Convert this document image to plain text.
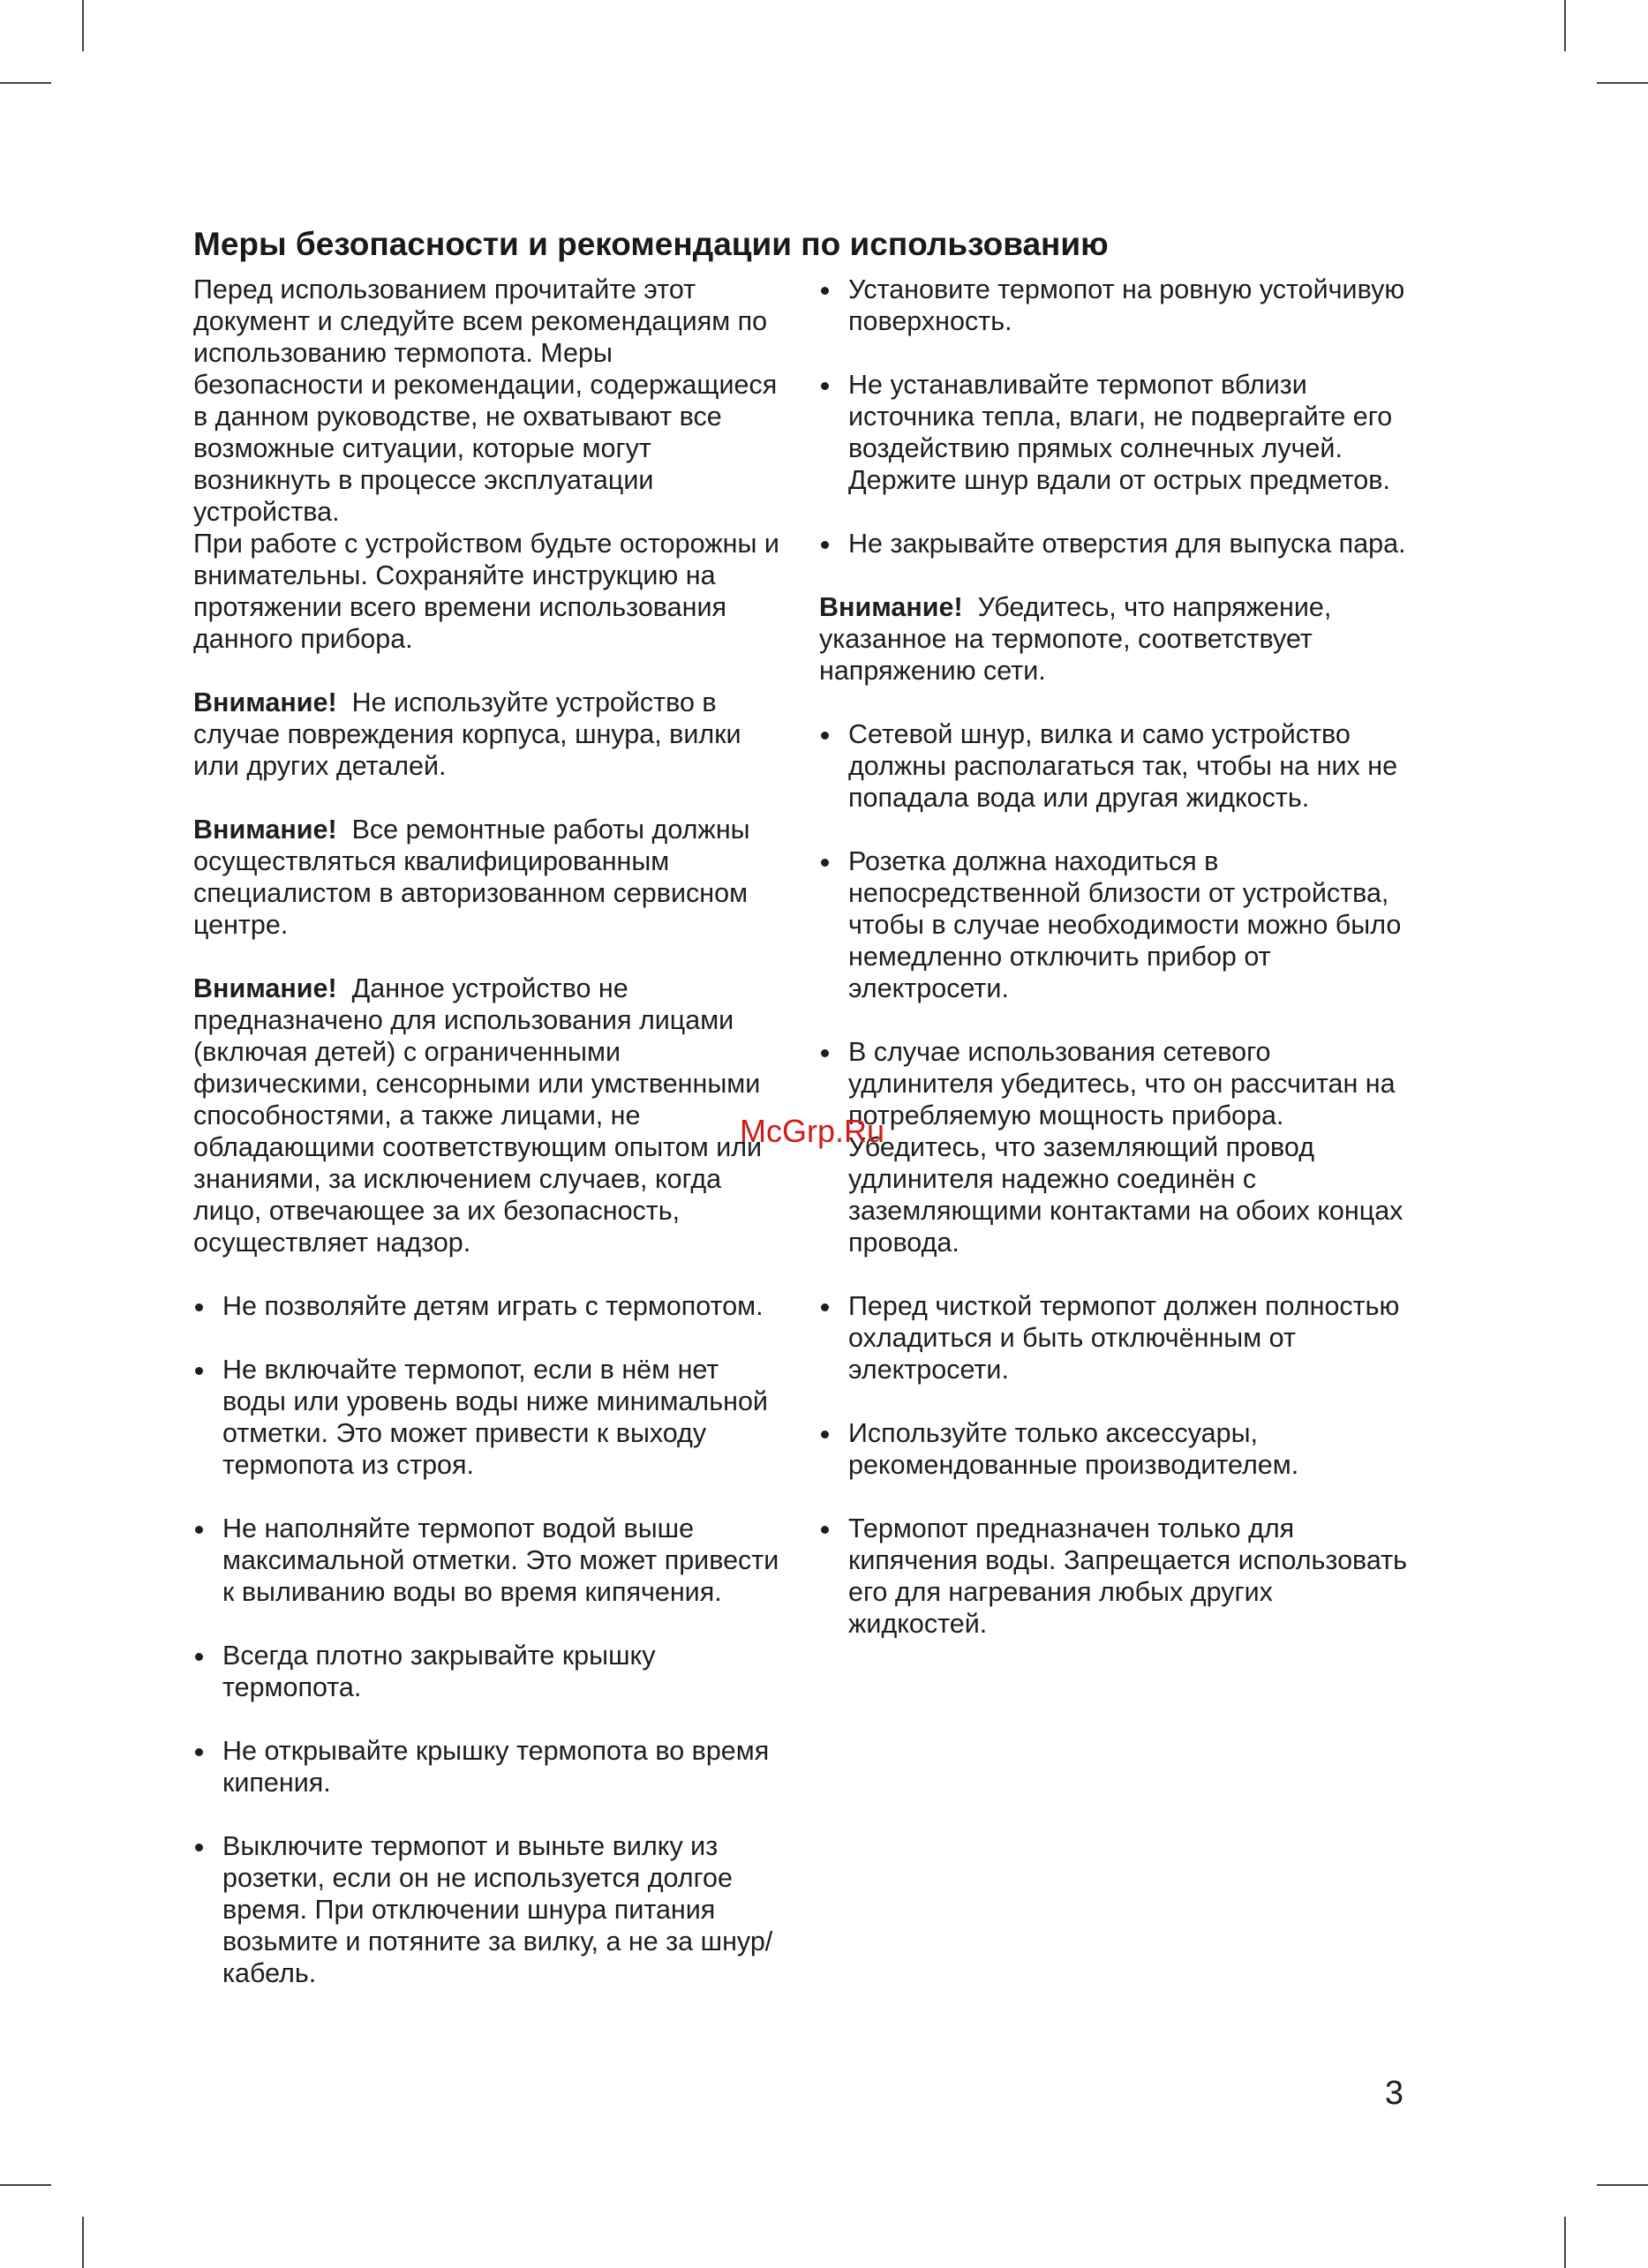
Меры безопасности и рекомендации по использованию

Перед использованием прочитайте этот документ и следуйте всем рекомендациям по использованию термопота. Меры безопасности и рекомендации, содержащиеся в данном руководстве, не охватывают все возможные ситуации, которые могут возникнуть в процессе эксплуатации устройства.

При работе с устройством будьте осторожны и внимательны. Сохраняйте инструкцию на протяжении всего времени использования данного прибора.

Внимание! Не используйте устройство в случае повреждения корпуса, шнура, вилки или других деталей.

Внимание! Все ремонтные работы должны осуществляться квалифицированным специалистом в авторизованном сервисном центре.

Внимание! Данное устройство не предназначено для использования лицами (включая детей) с ограниченными физическими, сенсорными или умственными способностями, а также лицами, не обладающими соответствующим опытом или знаниями, за исключением случаев, когда лицо, отвечающее за их безопасность, осуществляет надзор.

Не позволяйте детям играть с термопотом.
Не включайте термопот, если в нём нет воды или уровень воды ниже минимальной отметки. Это может привести к выходу термопота из строя.
Не наполняйте термопот водой выше максимальной отметки. Это может привести к выливанию воды во время кипячения.
Всегда плотно закрывайте крышку термопота.
Не открывайте крышку термопота во время кипения.
Выключите термопот и выньте вилку из розетки, если он не используется долгое время. При отключении шнура питания возьмите и потяните за вилку, а не за шнур/кабель.
Установите термопот на ровную устойчивую поверхность.
Не устанавливайте термопот вблизи источника тепла, влаги, не подвергайте его воздействию прямых солнечных лучей. Держите шнур вдали от острых предметов.
Не закрывайте отверстия для выпуска пара.

Внимание! Убедитесь, что напряжение, указанное на термопоте, соответствует напряжению сети.

Сетевой шнур, вилка и само устройство должны располагаться так, чтобы на них не попадала вода или другая жидкость.
Розетка должна находиться в непосредственной близости от устройства, чтобы в случае необходимости можно было немедленно отключить прибор от электросети.
В случае использования сетевого удлинителя убедитесь, что он рассчитан на потребляемую мощность прибора. Убедитесь, что заземляющий провод удлинителя надежно соединён с заземляющими контактами на обоих концах провода.
Перед чисткой термопот должен полностью охладиться и быть отключённым от электросети.
Используйте только аксессуары, рекомендованные производителем.
Термопот предназначен только для кипячения воды. Запрещается использовать его для нагревания любых других жидкостей.
McGrp.Ru
3
